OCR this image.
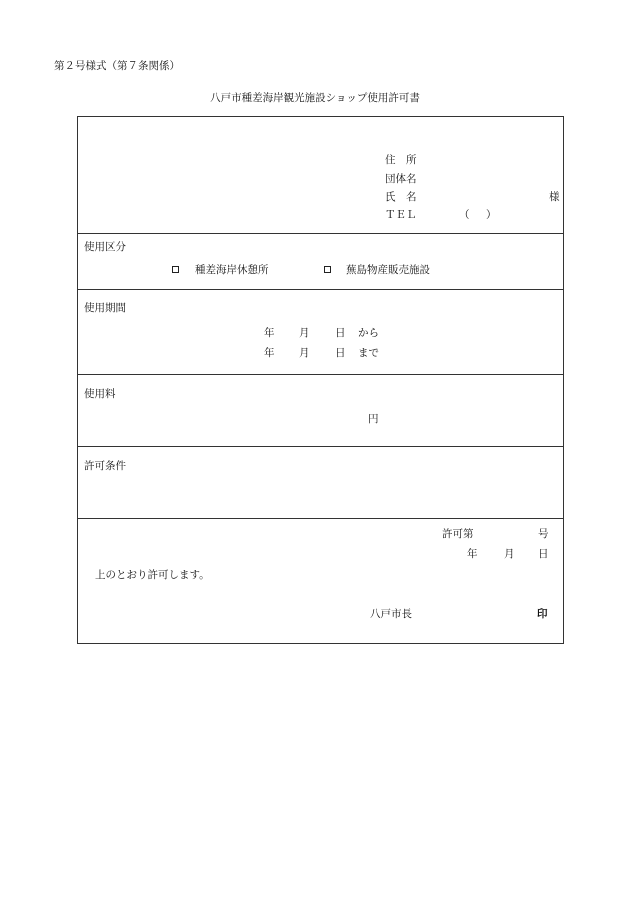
第２号様式（第７条関係）
八戸市種差海岸観光施設ショップ使用許可書
住　所
団体名
氏　名	様
ＴＥＬ	（ ）
使用区分
種差海岸休憩所	蕪島物産販売施設
使用期間
年 月 日 から
年 月 日 まで
使用料
円
許可条件
許可第	号
年	月 日
上のとおり許可します。
八戸市長	印
